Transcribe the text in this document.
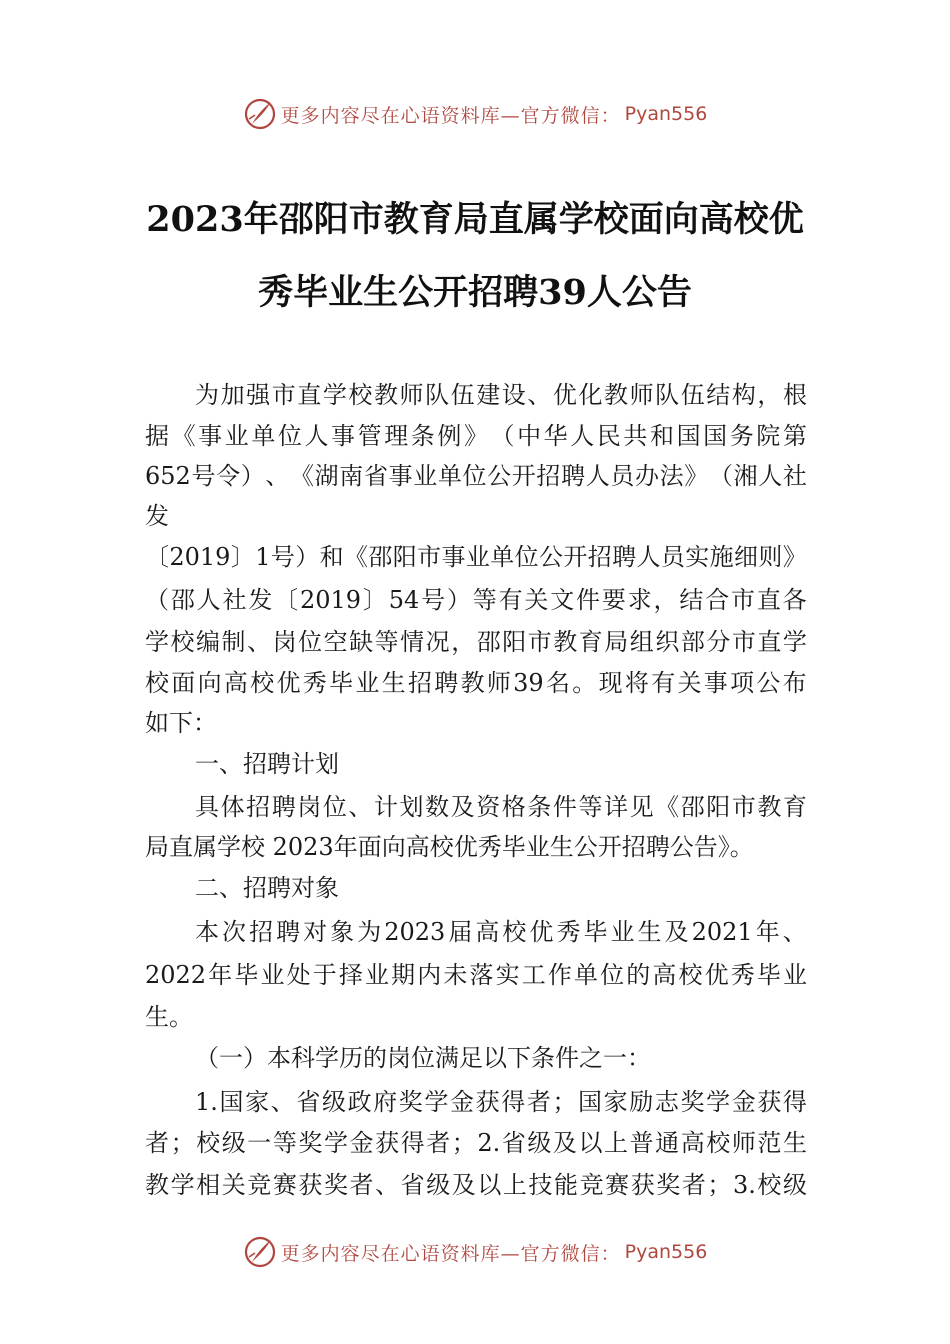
更多内容尽在心语资料库—官方微信： Pyan556
2023年邵阳市教育局直属学校面向高校优
秀毕业生公开招聘39人公告
为 加 强 市 直 学 校 教 师 队 伍 建 设 、 优 化 教 师 队 伍 结 构 ， 根
据 《 事 业 单 位 人 事 管 理 条 例 》 （ 中 华 人 民 共 和 国 国 务 院 第
652 号 令 ） 、 《 湖 南 省 事 业 单 位 公 开 招 聘 人 员 办 法 》 （ 湘 人 社
发
〔 2019 〕 1 号 ） 和 《 邵 阳 市 事 业 单 位 公 开 招 聘 人 员 实 施 细 则 》
（ 邵 人 社 发 〔 2019 〕 54 号 ） 等 有 关 文 件 要 求 ， 结 合 市 直 各
学 校 编 制 、 岗 位 空 缺 等 情 况 ， 邵 阳 市 教 育 局 组 织 部 分 市 直 学
校 面 向 高 校 优 秀 毕 业 生 招 聘 教 师 39 名 。 现 将 有 关 事 项 公 布
如下：
一、招聘计划
具 体 招 聘 岗 位 、 计 划 数 及 资 格 条 件 等 详 见 《 邵 阳 市 教 育
局直属学校 2023年面向高校优秀毕业生公开招聘公告》。
二、招聘对象
本 次 招 聘 对 象 为 2023 届 高 校 优 秀 毕 业 生 及 2021 年 、
2022 年 毕 业 处 于 择 业 期 内 未 落 实 工 作 单 位 的 高 校 优 秀 毕 业
生。
（一）本科学历的岗位满足以下条件之一：
1. 国 家 、 省 级 政 府 奖 学 金 获 得 者 ； 国 家 励 志 奖 学 金 获 得
者 ； 校 级 一 等 奖 学 金 获 得 者 ； 2. 省 级 及 以 上 普 通 高 校 师 范 生
教 学 相 关 竞 赛 获 奖 者 、 省 级 及 以 上 技 能 竞 赛 获 奖 者 ； 3. 校 级
更多内容尽在心语资料库—官方微信： Pyan556
